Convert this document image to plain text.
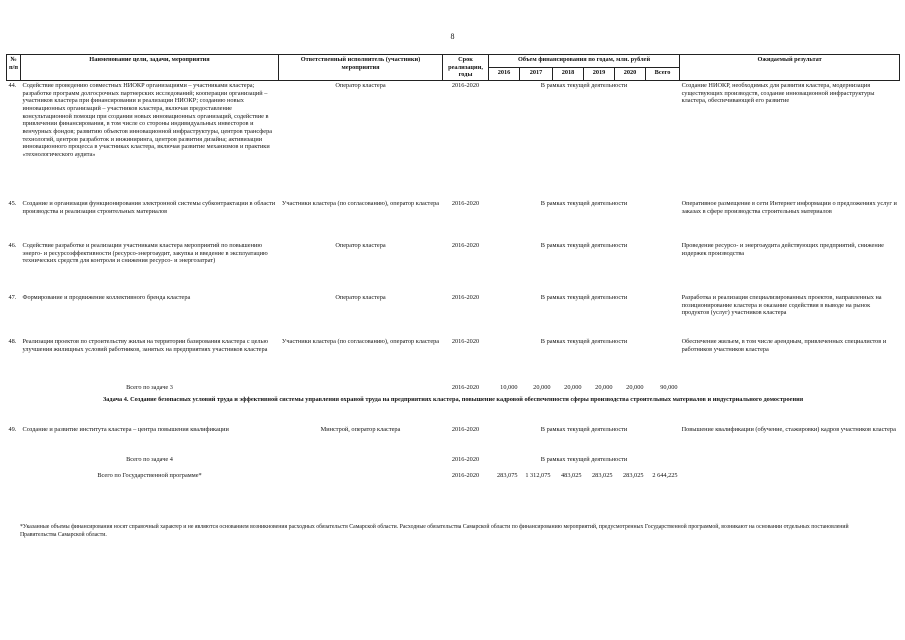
8
№ п/п	Наименование цели, задачи, мероприятия	Ответственный исполнитель (участники) мероприятия	Срок реализации, годы	Объем финансирования по годам, млн. рублей						Ожидаемый результат
				2016	2017	2018	2019	2020	Всего	
44.	Содействие проведению совместных НИОКР организациями – участниками кластера; разработке программ долгосрочных партнерских исследований; кооперации организаций – участников кластера при финансировании и реализации НИОКР; созданию новых инновационных организаций – участников кластера, включая предоставление консультационной помощи при создании новых инновационных организаций, содействие в привлечении финансирования, в том числе со стороны индивидуальных инвесторов и венчурных фондов; развитию объектов инновационной инфраструктуры, центров трансфера технологий, центров разработок и инжиниринга, центров развития дизайна; активизации инновационного процесса в участниках кластера, включая развитие механизмов и практики «технологического аудита»	Оператор кластера	2016-2020	В рамках текущей деятельности						Создание НИОКР, необходимых для развития кластера, модернизация существующих производств, создание инновационной инфраструктуры кластера, обеспечивающей его развитие
45.	Создание и организация функционирования электронной системы субконтрактации в области производства и реализации строительных материалов	Участники кластера (по согласованию), оператор кластера	2016-2020	В рамках текущей деятельности						Оперативное размещение в сети Интернет информации о предложениях услуг и заказах в сфере производства строительных материалов
46.	Содействие разработке и реализации участниками кластера мероприятий по повышению энерго- и ресурсоэффективности (ресурсо-энергоаудит, закупка и введение в эксплуатацию технических средств для контроля и снижения ресурсо- и энергозатрат)	Оператор кластера	2016-2020	В рамках текущей деятельности						Проведение ресурсо- и энергоаудита действующих предприятий, снижение издержек производства
47.	Формирование и продвижение коллективного бренда кластера	Оператор кластера	2016-2020	В рамках текущей деятельности						Разработка и реализация специализированных проектов, направленных на позиционирование кластера и оказание содействия в выводе на рынок продуктов (услуг) участников кластера
48.	Реализация проектов по строительству жилья на территории базирования кластера с целью улучшения жилищных условий работников, занятых на предприятиях участников кластера	Участники кластера (по согласованию), оператор кластера	2016-2020	В рамках текущей деятельности						Обеспечение жильем, в том числе арендным, привлеченных специалистов и работников участников кластера
	Всего по задаче 3		2016-2020	10,000	20,000	20,000	20,000	20,000	90,000	
Задача 4. Создание безопасных условий труда и эффективной системы управления охраной труда на предприятиях кластера, повышение кадровой обеспеченности сферы производства строительных материалов и индустриального домостроения										
49.	Создание и развитие института кластера – центра повышения квалификации	Минстрой, оператор кластера	2016-2020	В рамках текущей деятельности						Повышение квалификации (обучение, стажировки) кадров участников кластера
	Всего по задаче 4		2016-2020	В рамках текущей деятельности						
	Всего по Государственной программе*		2016-2020	283,075	1 312,075	483,025	283,025	283,025	2 644,225	
*Указанные объемы финансирования носят справочный характер и не являются основанием возникновения расходных обязательств Самарской области. Расходные обязательства Самарской области по финансированию мероприятий, предусмотренных Государственной программой, возникают на основании отдельных постановлений Правительства Самарской области.
